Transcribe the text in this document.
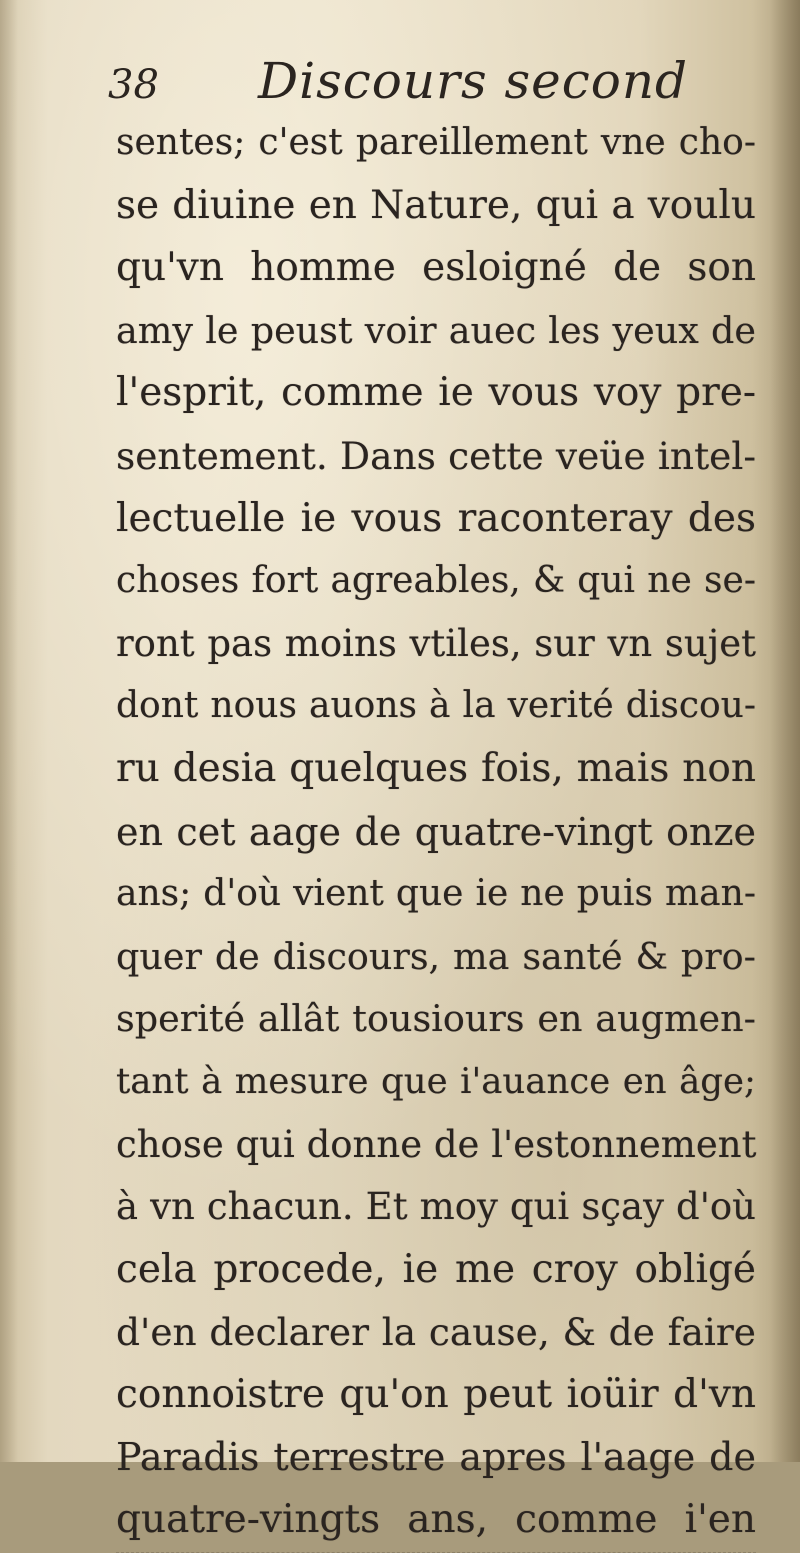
38 Discours second
sentes; c'est pareillement vne cho-
se diuine en Nature, qui a voulu
qu'vn homme esloigné de son
amy le peust voir auec les yeux de
l'esprit, comme ie vous voy pre-
sentement. Dans cette veüe intel-
lectuelle ie vous raconteray des
choses fort agreables, & qui ne se-
ront pas moins vtiles, sur vn sujet
dont nous auons à la verité discou-
ru desia quelques fois, mais non
en cet aage de quatre-vingt onze
ans; d'où vient que ie ne puis man-
quer de discours, ma santé & pro-
sperité allât tousiours en augmen-
tant à mesure que i'auance en âge;
chose qui donne de l'estonnement
à vn chacun. Et moy qui sçay d'où
cela procede, ie me croy obligé
d'en declarer la cause, & de faire
connoistre qu'on peut ioüir d'vn
Paradis terrestre apres l'aage de
quatre-vingts ans, comme i'en
